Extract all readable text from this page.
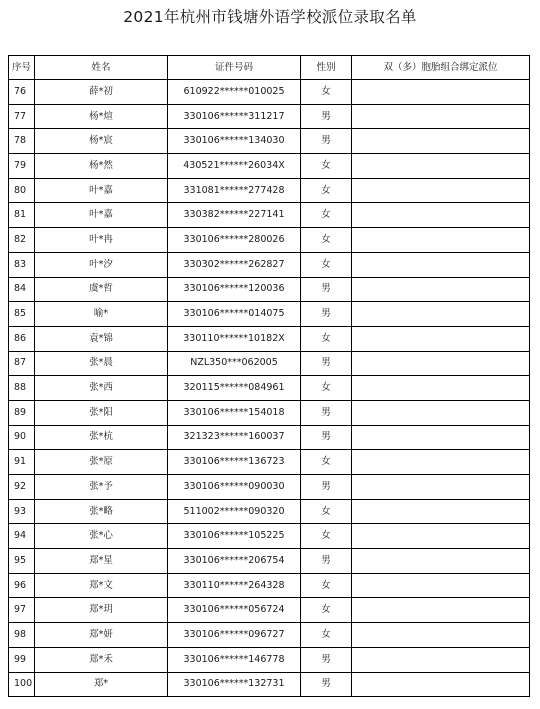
2021年杭州市钱塘外语学校派位录取名单
序号	姓名	证件号码	性别	双（多）胞胎组合绑定派位
76	薛*初	610922******010025	女	
77	杨*煊	330106******311217	男	
78	杨*宸	330106******134030	男	
79	杨*然	430521******26034X	女	
80	叶*嘉	331081******277428	女	
81	叶*嘉	330382******227141	女	
82	叶*冉	330106******280026	女	
83	叶*汐	330302******262827	女	
84	虞*哲	330106******120036	男	
85	喻*	330106******014075	男	
86	袁*锦	330110******10182X	女	
87	张*晨	NZL350***062005	男	
88	张*西	320115******084961	女	
89	张*阳	330106******154018	男	
90	张*杭	321323******160037	男	
91	张*原	330106******136723	女	
92	张*予	330106******090030	男	
93	张*略	511002******090320	女	
94	张*心	330106******105225	女	
95	郑*星	330106******206754	男	
96	郑*文	330110******264328	女	
97	郑*玥	330106******056724	女	
98	郑*妍	330106******096727	女	
99	郑*禾	330106******146778	男	
100	郑*	330106******132731	男	
